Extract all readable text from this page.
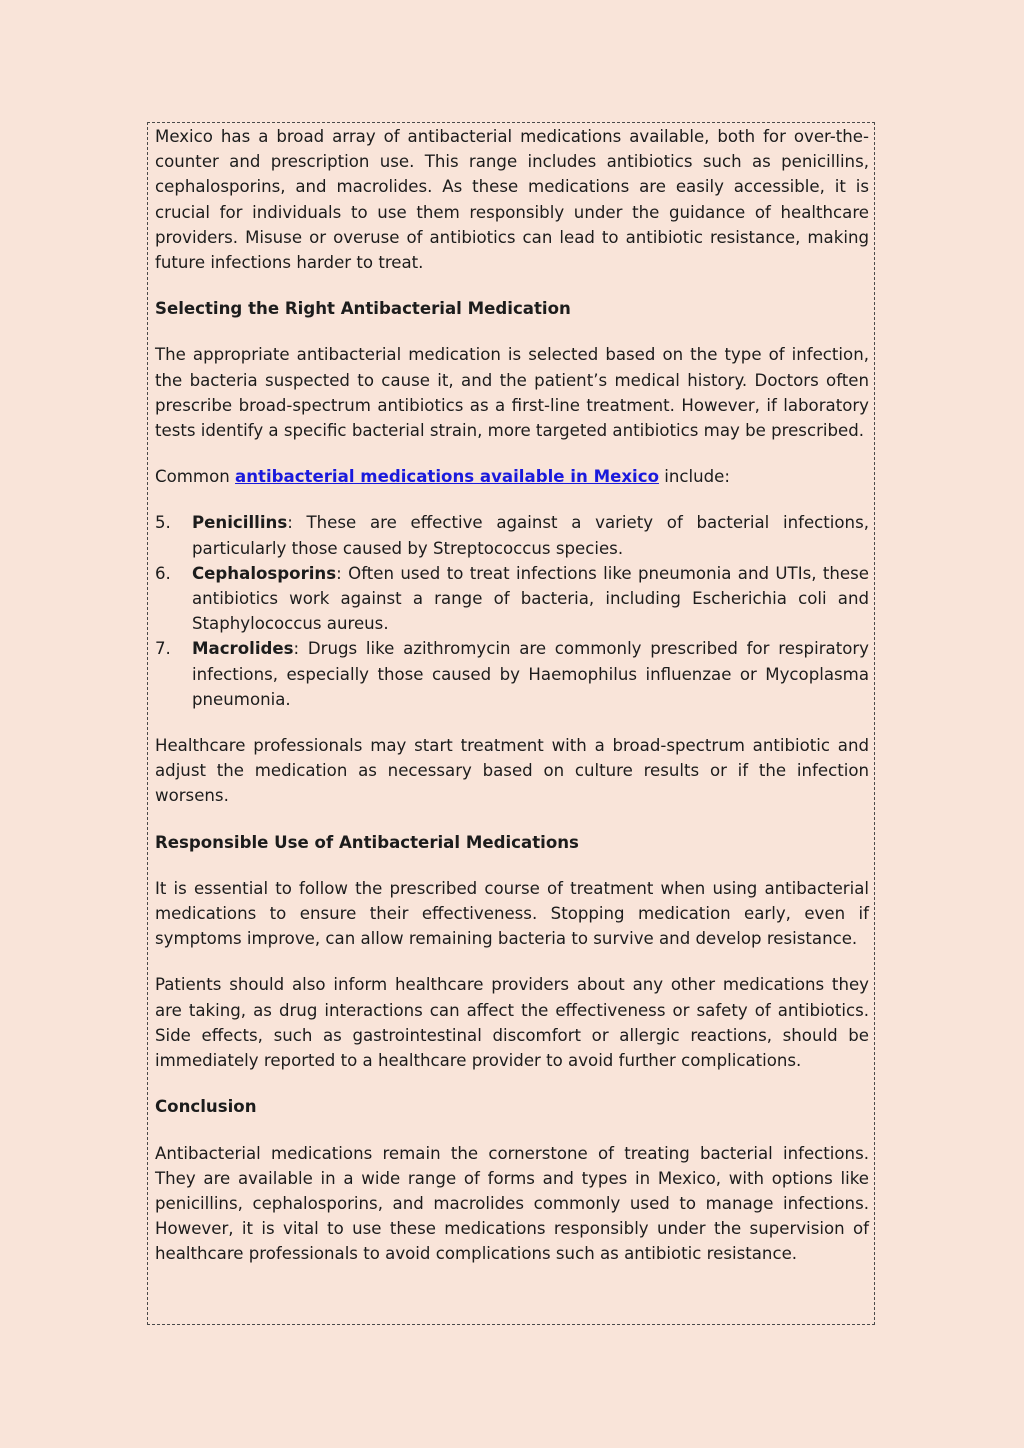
Mexico has a broad array of antibacterial medications available, both for over-the-counter and prescription use. This range includes antibiotics such as penicillins, cephalosporins, and macrolides. As these medications are easily accessible, it is crucial for individuals to use them responsibly under the guidance of healthcare providers. Misuse or overuse of antibiotics can lead to antibiotic resistance, making future infections harder to treat.

Selecting the Right Antibacterial Medication

The appropriate antibacterial medication is selected based on the type of infection, the bacteria suspected to cause it, and the patient’s medical history. Doctors often prescribe broad-spectrum antibiotics as a first-line treatment. However, if laboratory tests identify a specific bacterial strain, more targeted antibiotics may be prescribed.

Common antibacterial medications available in Mexico include:

5. Penicillins: These are effective against a variety of bacterial infections, particularly those caused by Streptococcus species.
6. Cephalosporins: Often used to treat infections like pneumonia and UTIs, these antibiotics work against a range of bacteria, including Escherichia coli and Staphylococcus aureus.
7. Macrolides: Drugs like azithromycin are commonly prescribed for respiratory infections, especially those caused by Haemophilus influenzae or Mycoplasma pneumonia.

Healthcare professionals may start treatment with a broad-spectrum antibiotic and adjust the medication as necessary based on culture results or if the infection worsens.

Responsible Use of Antibacterial Medications

It is essential to follow the prescribed course of treatment when using antibacterial medications to ensure their effectiveness. Stopping medication early, even if symptoms improve, can allow remaining bacteria to survive and develop resistance.

Patients should also inform healthcare providers about any other medications they are taking, as drug interactions can affect the effectiveness or safety of antibiotics. Side effects, such as gastrointestinal discomfort or allergic reactions, should be immediately reported to a healthcare provider to avoid further complications.

Conclusion

Antibacterial medications remain the cornerstone of treating bacterial infections. They are available in a wide range of forms and types in Mexico, with options like penicillins, cephalosporins, and macrolides commonly used to manage infections. However, it is vital to use these medications responsibly under the supervision of healthcare professionals to avoid complications such as antibiotic resistance.
